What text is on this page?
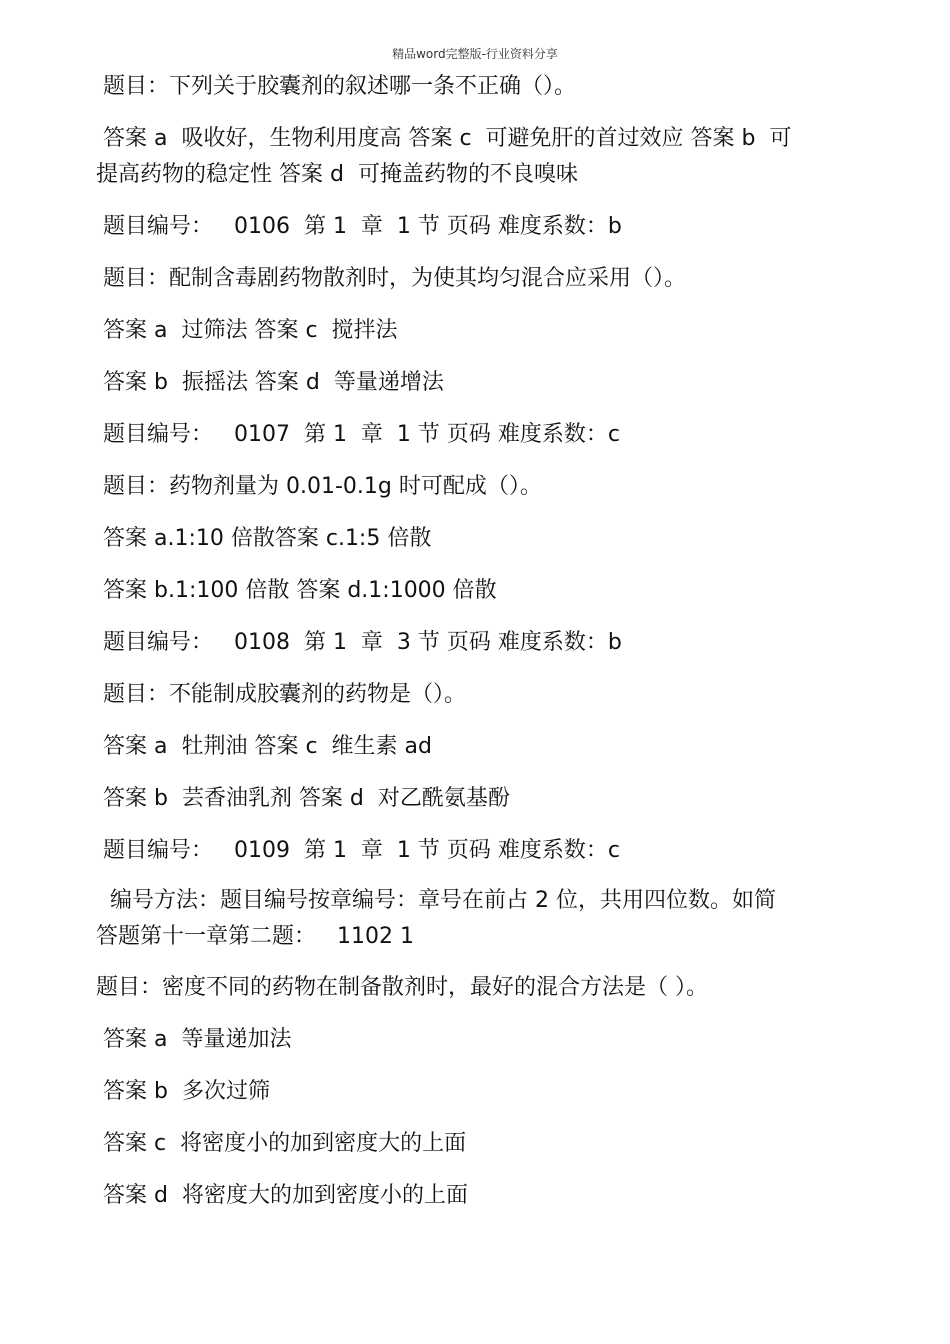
精品word完整版-行业资料分享
题目：下列关于胶囊剂的叙述哪一条不正确（）。
答案 a  吸收好，生物利用度高 答案 c  可避免肝的首过效应 答案 b  可
提高药物的稳定性 答案 d  可掩盖药物的不良嗅味
题目编号：   0106  第 1  章  1 节 页码 难度系数：b
题目：配制含毒剧药物散剂时，为使其均匀混合应采用（）。
答案 a  过筛法 答案 c  搅拌法
答案 b  振摇法 答案 d  等量递增法
题目编号：   0107  第 1  章  1 节 页码 难度系数：c
题目：药物剂量为 0.01-0.1g 时可配成（）。
答案 a.1:10 倍散答案 c.1:5 倍散
答案 b.1:100 倍散 答案 d.1:1000 倍散
题目编号：   0108  第 1  章  3 节 页码 难度系数：b
题目：不能制成胶囊剂的药物是（）。
答案 a  牡荆油 答案 c  维生素 ad
答案 b  芸香油乳剂 答案 d  对乙酰氨基酚
题目编号：   0109  第 1  章  1 节 页码 难度系数：c
编号方法：题目编号按章编号：章号在前占 2 位，共用四位数。如简
答题第十一章第二题：   1102 1
题目：密度不同的药物在制备散剂时，最好的混合方法是（ ）。
答案 a  等量递加法
答案 b  多次过筛
答案 c  将密度小的加到密度大的上面
答案 d  将密度大的加到密度小的上面
